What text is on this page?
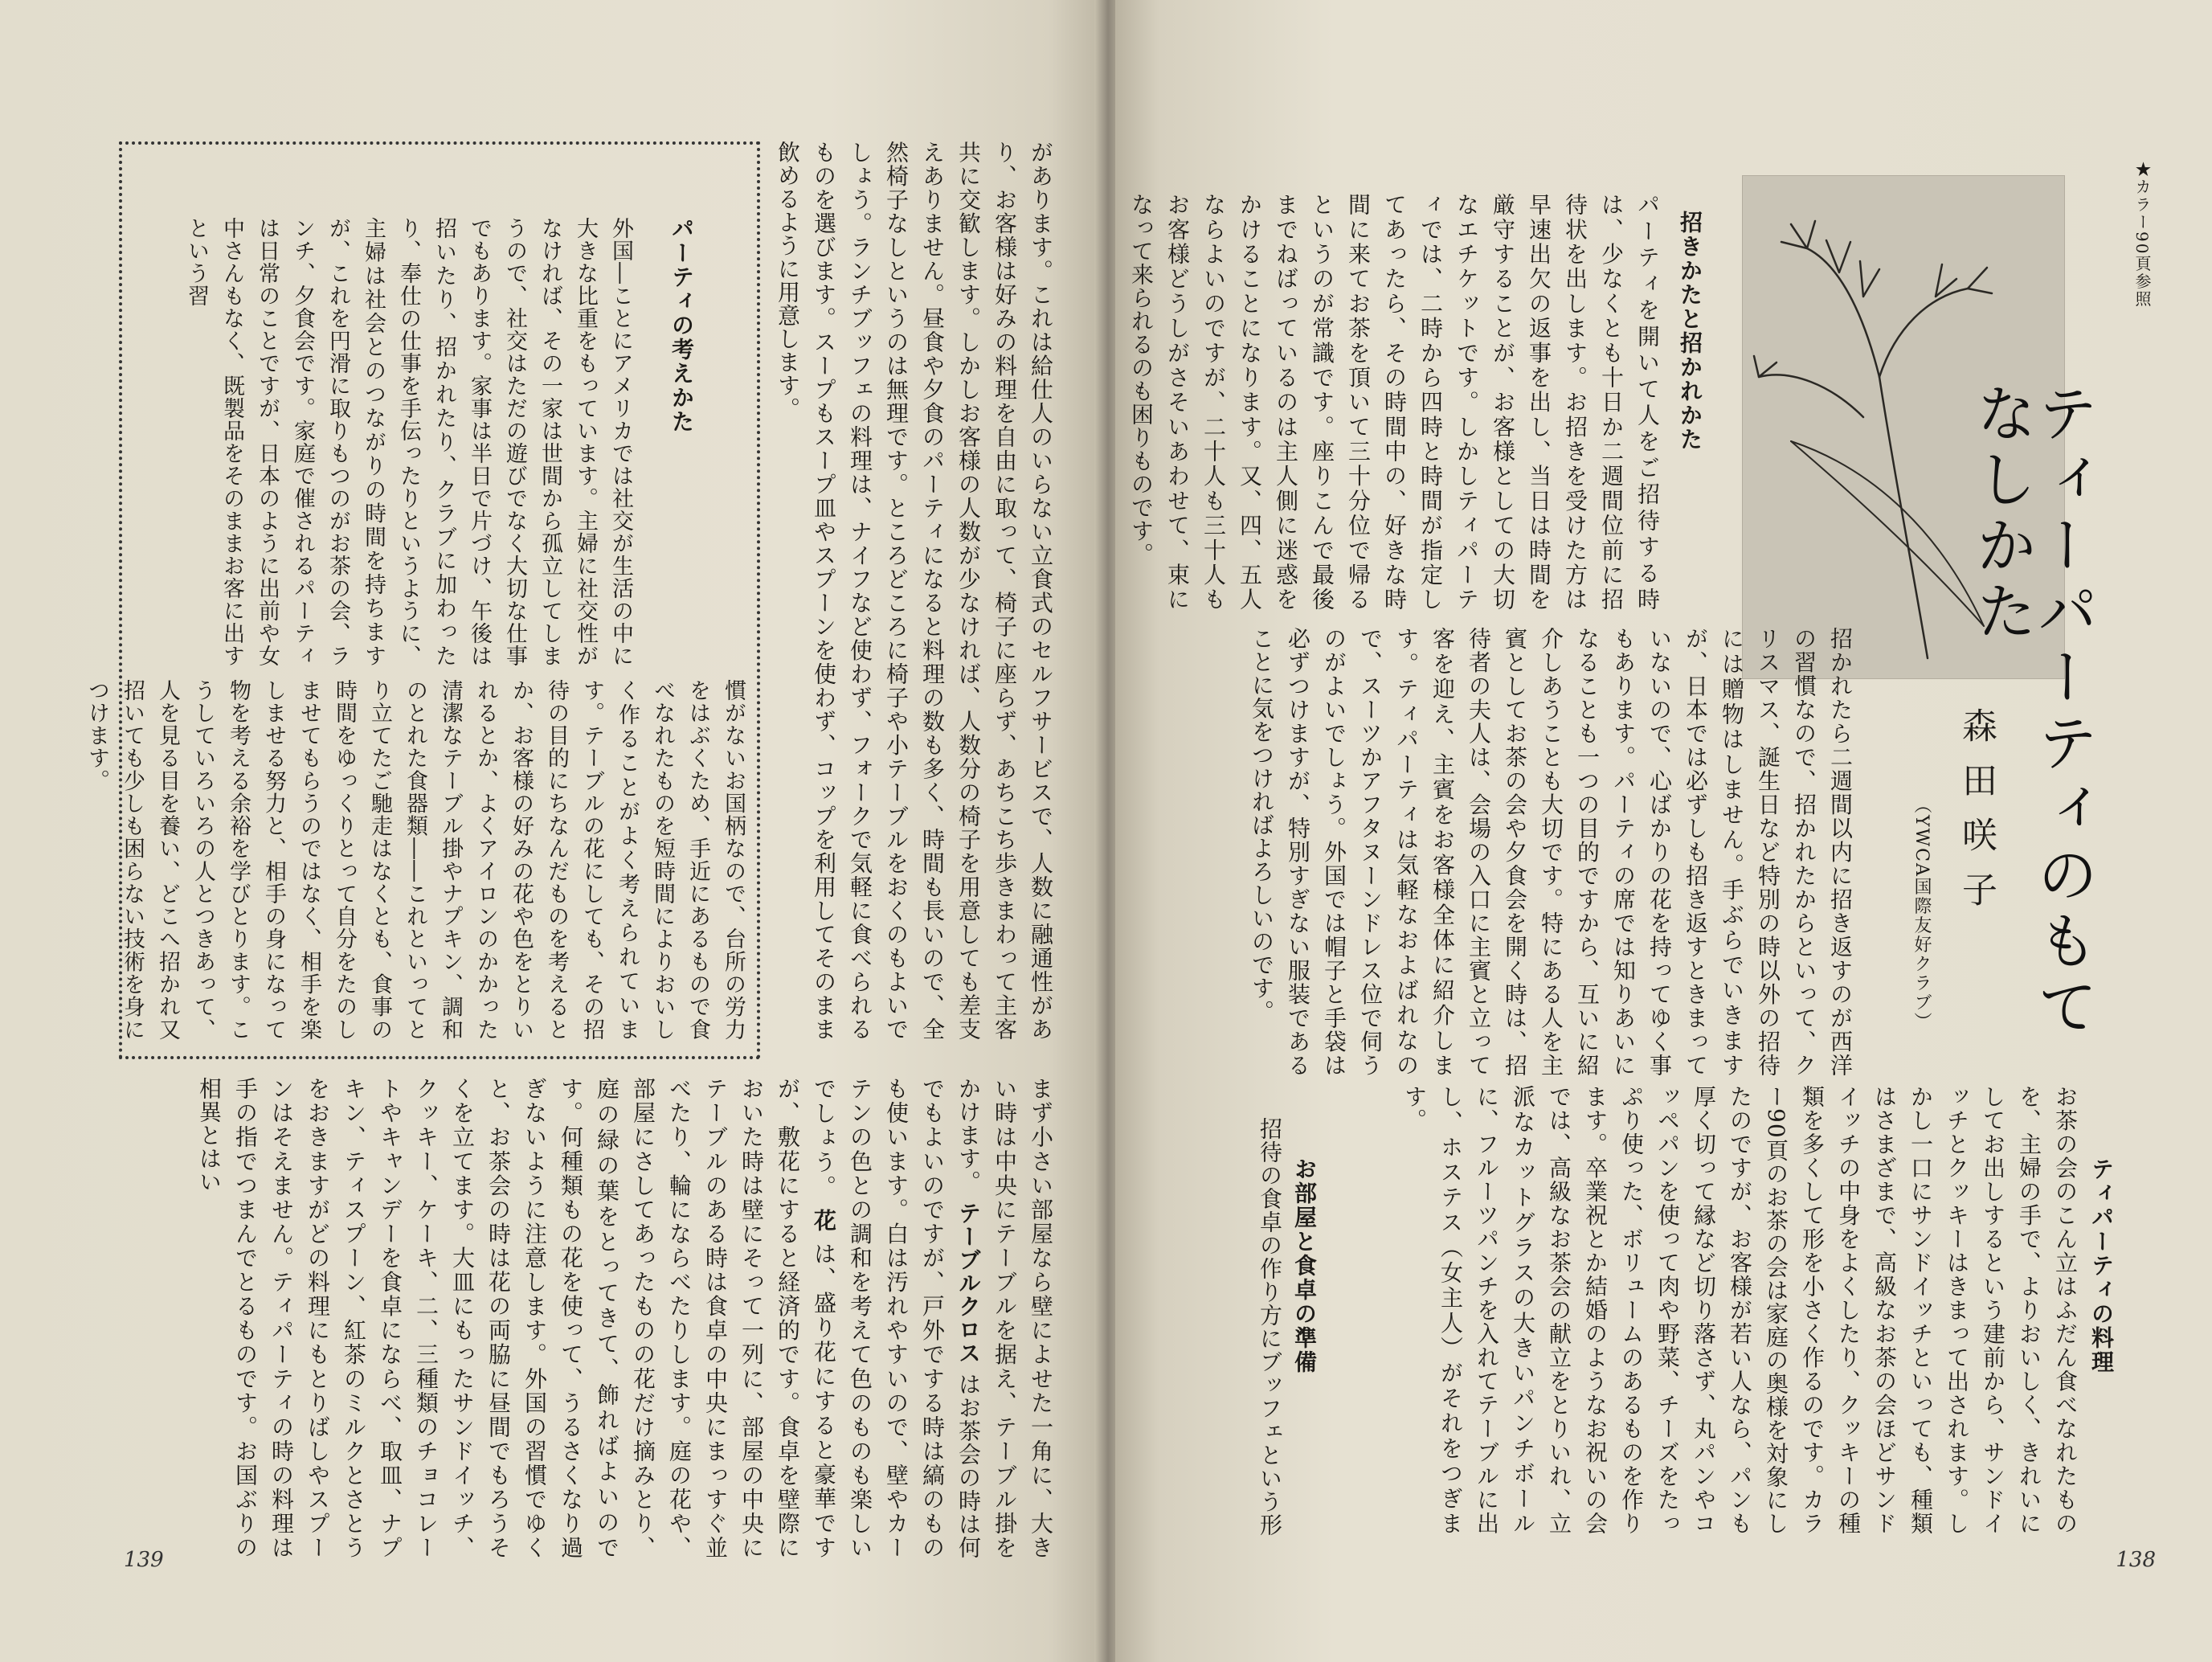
があります。これは給仕人のいらない立食式のセルフサービスで、人数に融通性があり、お客様は好みの料理を自由に取って、椅子に座らず、あちこち歩きまわって主客共に交歓します。しかしお客様の人数が少なければ、人数分の椅子を用意しても差支えありません。昼食や夕食のパーティになると料理の数も多く、時間も長いので、全然椅子なしというのは無理です。ところどころに椅子や小テーブルをおくのもよいでしょう。ランチブッフェの料理は、ナイフなど使わず、フォークで気軽に食べられるものを選びます。スープもスープ皿やスプーンを使わず、コップを利用してそのまま飲めるように用意します。
パーティの考えかた
外国―ことにアメリカでは社交が生活の中に大きな比重をもっています。主婦に社交性がなければ、その一家は世間から孤立してしまうので、社交はただの遊びでなく大切な仕事でもあります。家事は半日で片づけ、午後は招いたり、招かれたり、クラブに加わったり、奉仕の仕事を手伝ったりというように、主婦は社会とのつながりの時間を持ちますが、これを円滑に取りもつのがお茶の会、ランチ、夕食会です。家庭で催されるパーティは日常のことですが、日本のように出前や女中さんもなく、既製品をそのままお客に出すという習
慣がないお国柄なので、台所の労力をはぶくため、手近にあるもので食べなれたものを短時間によりおいしく作ることがよく考えられています。テーブルの花にしても、その招待の目的にちなんだものを考えるとか、お客様の好みの花や色をとりいれるとか、よくアイロンのかかった清潔なテーブル掛やナプキン、調和のとれた食器類――これといってとり立てたご馳走はなくとも、食事の時間をゆっくりとって自分をたのしませてもらうのではなく、相手を楽しませる努力と、相手の身になって物を考える余裕を学びとります。こうしていろいろの人とつきあって、人を見る目を養い、どこへ招かれ又招いても少しも困らない技術を身につけます。
まず小さい部屋なら壁によせた一角に、大きい時は中央にテーブルを据え、テーブル掛をかけます。 テーブルクロス はお茶会の時は何でもよいのですが、戸外でする時は縞のものも使います。白は汚れやすいので、壁やカーテンの色との調和を考えて色のものも楽しいでしょう。 花 は、盛り花にすると豪華ですが、敷花にすると経済的です。食卓を壁際においた時は壁にそって一列に、部屋の中央にテーブルのある時は食卓の中央にまっすぐ並べたり、輪にならべたりします。庭の花や、部屋にさしてあったものの花だけ摘みとり、庭の緑の葉をとってきて、飾ればよいのです。何種類もの花を使って、うるさくなり過ぎないように注意します。外国の習慣でゆくと、お茶会の時は花の両脇に昼間でもろうそくを立てます。大皿にもったサンドイッチ、クッキー、ケーキ、二、三種類のチョコレートやキャンデーを食卓にならべ、取皿、ナプキン、ティスプーン、紅茶のミルクとさとうをおきますがどの料理にもとりばしやスプーンはそえません。ティパーティの時の料理は手の指でつまんでとるものです。お国ぶりの相異とはい
139
★カラー90頁参照
ティーパーティのもてなしかた
森田咲子
（YWCA国際友好クラブ）
招きかたと招かれかた
パーティを開いて人をご招待する時は、少なくとも十日か二週間位前に招待状を出します。お招きを受けた方は早速出欠の返事を出し、当日は時間を厳守することが、お客様としての大切なエチケットです。しかしティパーティでは、二時から四時と時間が指定してあったら、その時間中の、好きな時間に来てお茶を頂いて三十分位で帰るというのが常識です。座りこんで最後までねばっているのは主人側に迷惑をかけることになります。又、四、五人ならよいのですが、二十人も三十人もお客様どうしがさそいあわせて、束になって来られるのも困りものです。
招かれたら二週間以内に招き返すのが西洋の習慣なので、招かれたからといって、クリスマス、誕生日など特別の時以外の招待には贈物はしません。手ぶらでいきますが、日本では必ずしも招き返すときまっていないので、心ばかりの花を持ってゆく事もあります。パーティの席では知りあいになることも一つの目的ですから、互いに紹介しあうことも大切です。特にある人を主賓としてお茶の会や夕食会を開く時は、招待者の夫人は、会場の入口に主賓と立って客を迎え、主賓をお客様全体に紹介します。ティパーティは気軽なおよばれなので、スーツかアフタヌーンドレス位で伺うのがよいでしょう。外国では帽子と手袋は必ずつけますが、特別すぎない服装であることに気をつければよろしいのです。
ティパーティの料理
お茶の会のこん立はふだん食べなれたものを、主婦の手で、よりおいしく、きれいにしてお出しするという建前から、サンドイッチとクッキーはきまって出されます。しかし一口にサンドイッチといっても、種類はさまざまで、高級なお茶の会ほどサンドイッチの中身をよくしたり、クッキーの種類を多くして形を小さく作るのです。カラー90頁のお茶の会は家庭の奥様を対象にしたのですが、お客様が若い人なら、パンも厚く切って縁など切り落さず、丸パンやコッペパンを使って肉や野菜、チーズをたっぷり使った、ボリュームのあるものを作ります。卒業祝とか結婚のようなお祝いの会では、高級なお茶会の献立をとりいれ、立派なカットグラスの大きいパンチボールに、フルーツパンチを入れてテーブルに出し、ホステス（女主人）がそれをつぎます。
お部屋と食卓の準備
招待の食卓の作り方にブッフェという形
138
